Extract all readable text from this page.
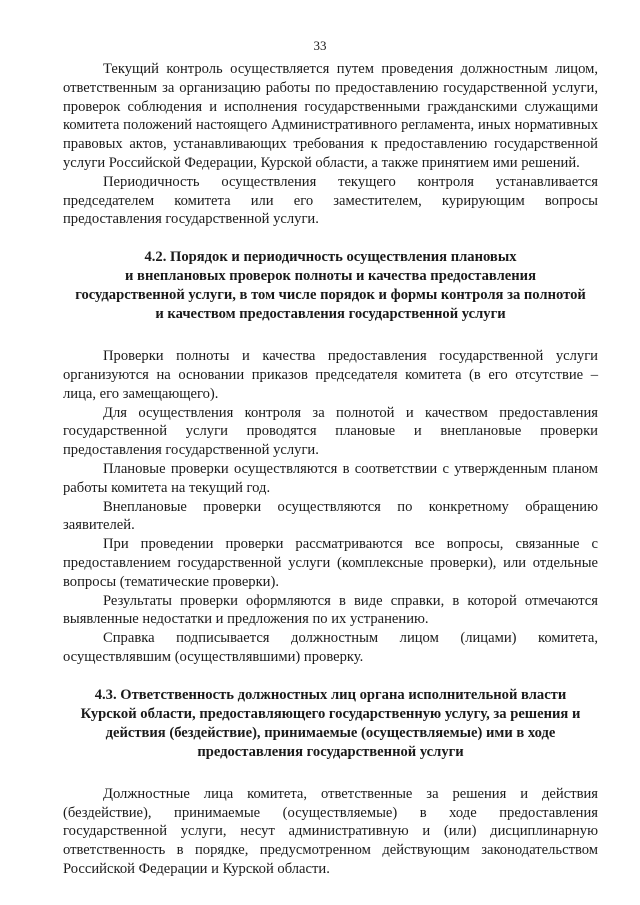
33

Текущий контроль осуществляется путем проведения должностным лицом, ответственным за организацию работы по предоставлению государственной услуги, проверок соблюдения и исполнения государственными гражданскими служащими комитета положений настоящего Административного регламента, иных нормативных правовых актов, устанавливающих требования к предоставлению государственной услуги Российской Федерации, Курской области, а также принятием ими решений.

Периодичность осуществления текущего контроля устанавливается председателем комитета или его заместителем, курирующим вопросы предоставления государственной услуги.

4.2. Порядок и периодичность осуществления плановых
и внеплановых проверок полноты и качества предоставления
государственной услуги, в том числе порядок и формы контроля за полнотой
и качеством предоставления государственной услуги

Проверки полноты и качества предоставления государственной услуги организуются на основании приказов председателя комитета (в его отсутствие – лица, его замещающего).

Для осуществления контроля за полнотой и качеством предоставления государственной услуги проводятся плановые и внеплановые проверки предоставления государственной услуги.

Плановые проверки осуществляются в соответствии с утвержденным планом работы комитета на текущий год.

Внеплановые проверки осуществляются по конкретному обращению заявителей.

При проведении проверки рассматриваются все вопросы, связанные с предоставлением государственной услуги (комплексные проверки), или отдельные вопросы (тематические проверки).

Результаты проверки оформляются в виде справки, в которой отмечаются выявленные недостатки и предложения по их устранению.

Справка подписывается должностным лицом (лицами) комитета, осуществлявшим (осуществлявшими) проверку.

4.3. Ответственность должностных лиц органа исполнительной власти
Курской области, предоставляющего государственную услугу, за решения и
действия (бездействие), принимаемые (осуществляемые) ими в ходе
предоставления государственной услуги

Должностные лица комитета, ответственные за решения и действия (бездействие), принимаемые (осуществляемые) в ходе предоставления государственной услуги, несут административную и (или) дисциплинарную ответственность в порядке, предусмотренном действующим законодательством Российской Федерации и Курской области.
